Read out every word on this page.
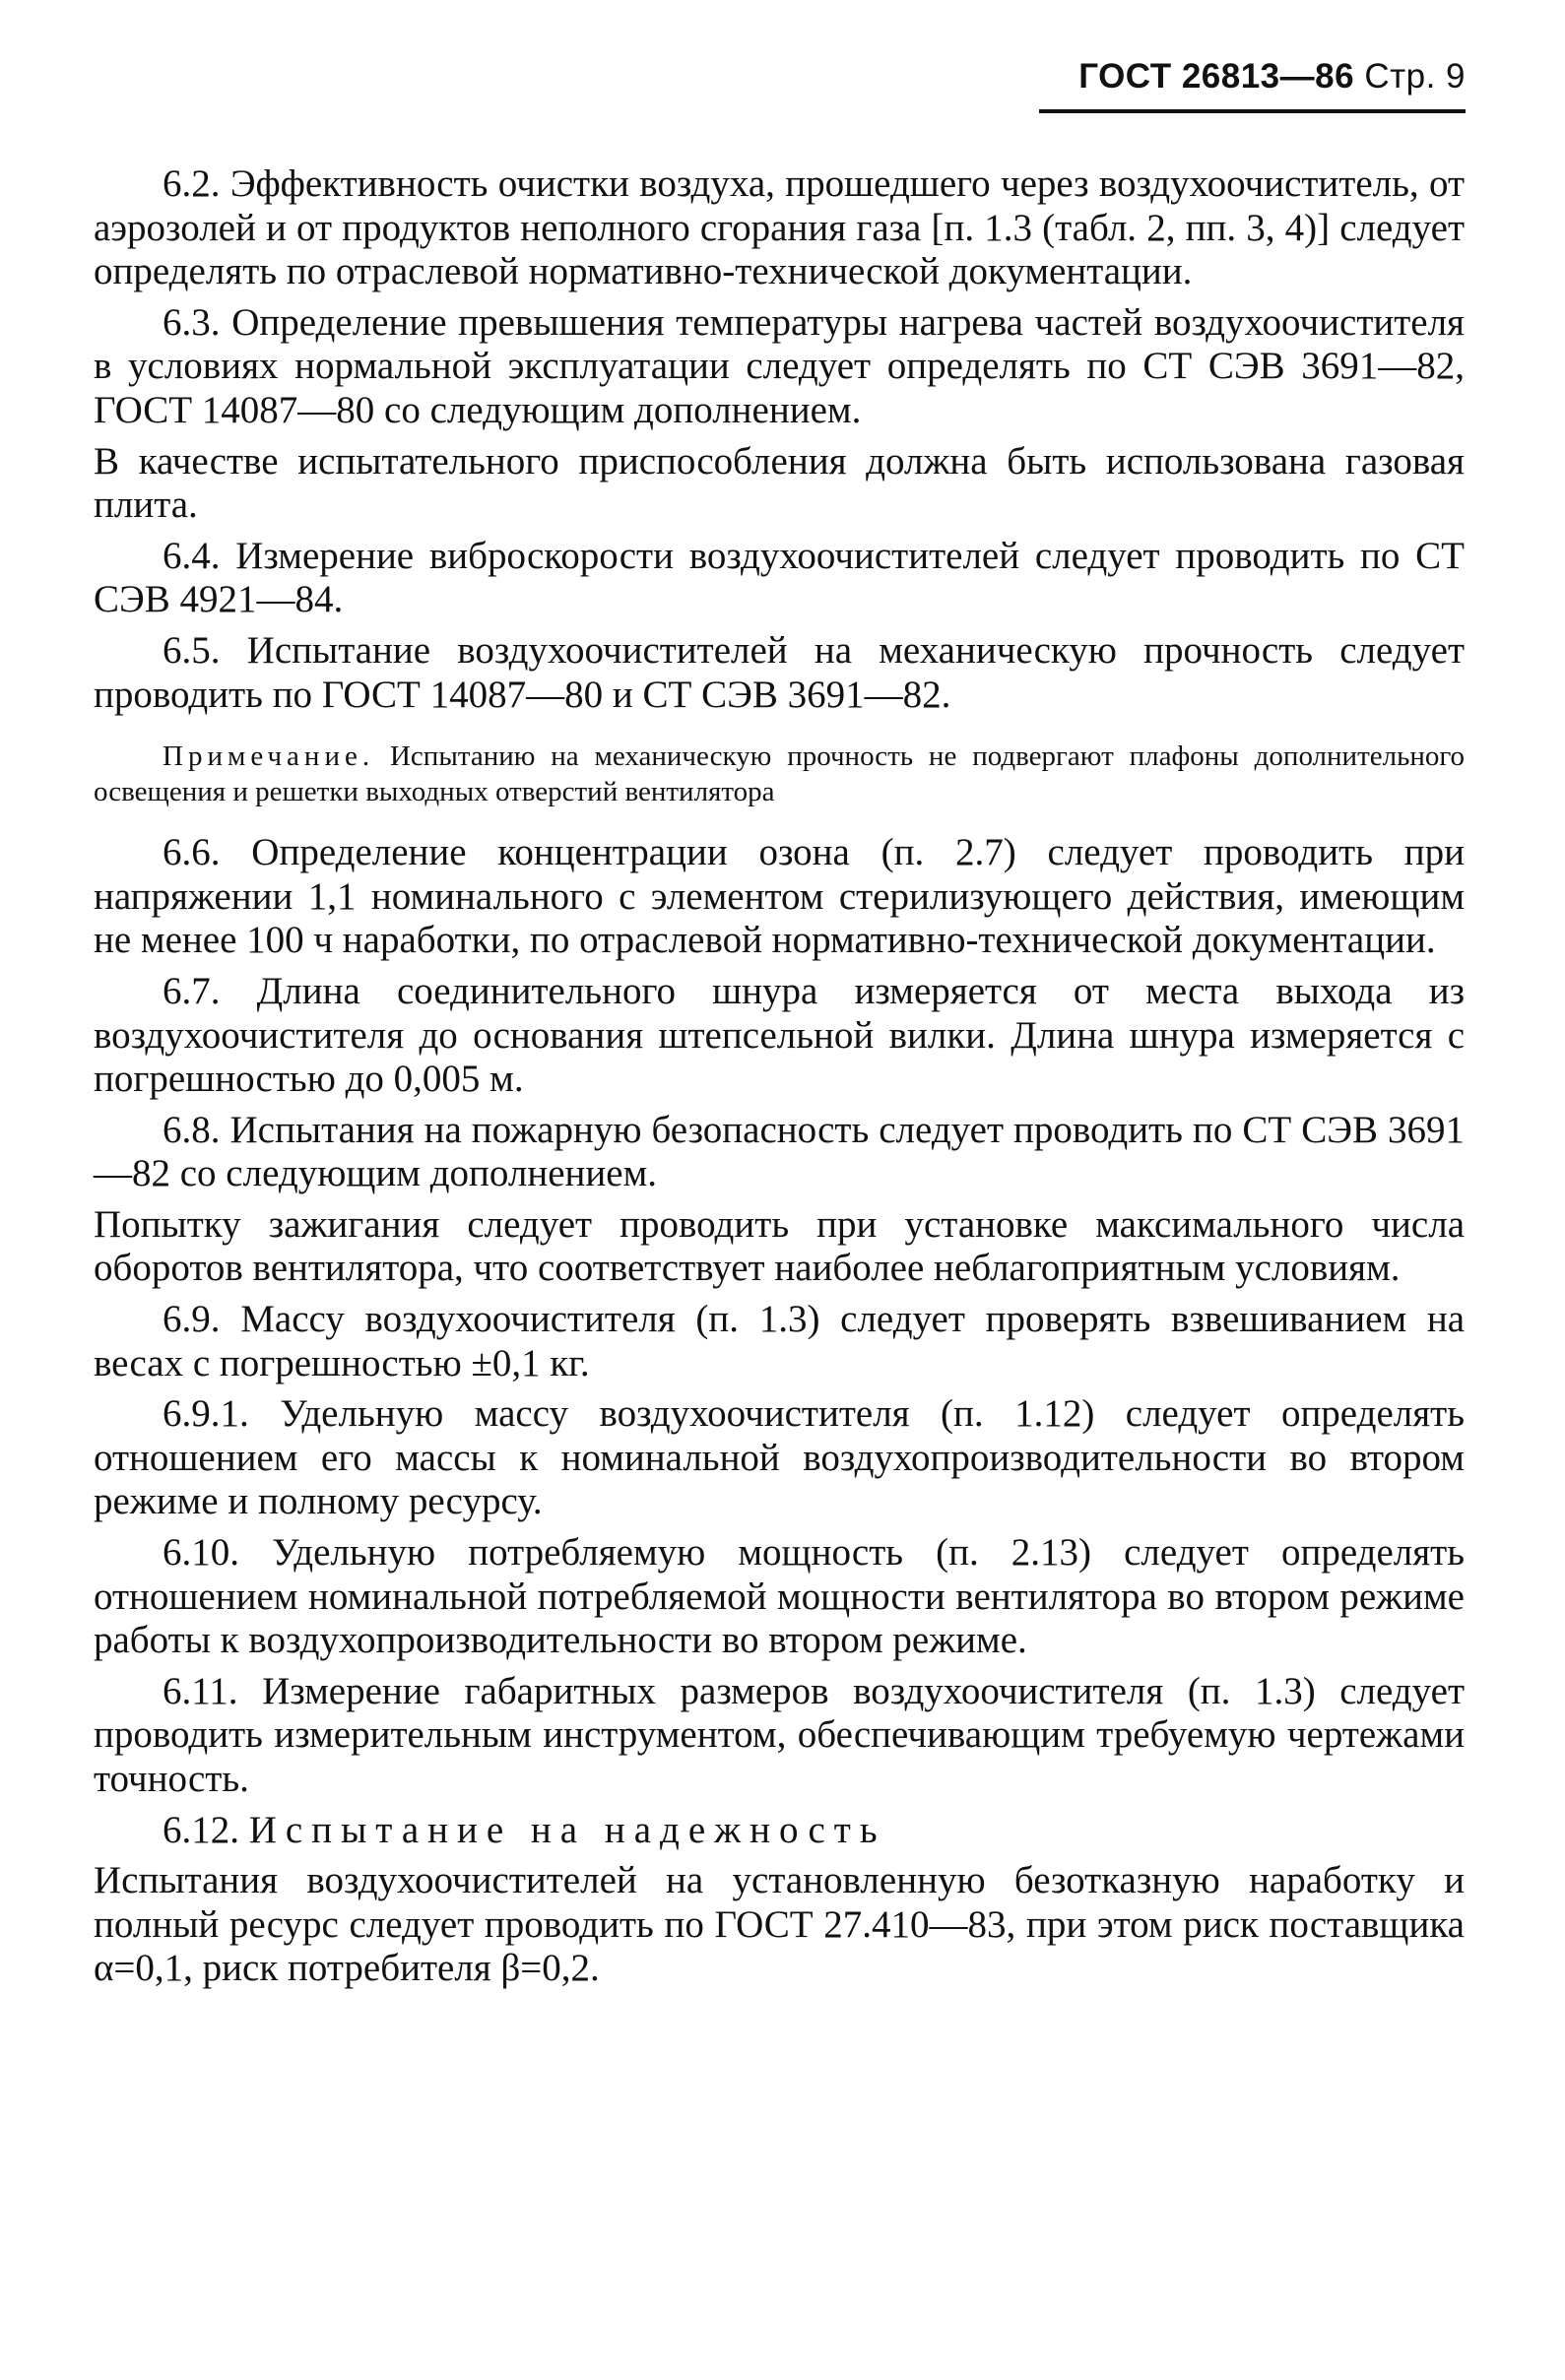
ГОСТ 26813—86 Стр. 9

6.2. Эффективность очистки воздуха, прошедшего через воздухоочиститель, от аэрозолей и от продуктов неполного сгорания газа [п. 1.3 (табл. 2, пп. 3, 4)] следует определять по отраслевой нормативно-технической документации.

6.3. Определение превышения температуры нагрева частей воздухоочистителя в условиях нормальной эксплуатации следует определять по СТ СЭВ 3691—82, ГОСТ 14087—80 со следующим дополнением.

В качестве испытательного приспособления должна быть использована газовая плита.

6.4. Измерение виброскорости воздухоочистителей следует проводить по СТ СЭВ 4921—84.

6.5. Испытание воздухоочистителей на механическую прочность следует проводить по ГОСТ 14087—80 и СТ СЭВ 3691—82.

Примечание. Испытанию на механическую прочность не подвергают плафоны дополнительного освещения и решетки выходных отверстий вентилятора

6.6. Определение концентрации озона (п. 2.7) следует проводить при напряжении 1,1 номинального с элементом стерилизующего действия, имеющим не менее 100 ч наработки, по отраслевой нормативно-технической документации.

6.7. Длина соединительного шнура измеряется от места выхода из воздухоочистителя до основания штепсельной вилки. Длина шнура измеряется с погрешностью до 0,005 м.

6.8. Испытания на пожарную безопасность следует проводить по СТ СЭВ 3691—82 со следующим дополнением.

Попытку зажигания следует проводить при установке максимального числа оборотов вентилятора, что соответствует наиболее неблагоприятным условиям.

6.9. Массу воздухоочистителя (п. 1.3) следует проверять взвешиванием на весах с погрешностью ±0,1 кг.

6.9.1. Удельную массу воздухоочистителя (п. 1.12) следует определять отношением его массы к номинальной воздухопроизводительности во втором режиме и полному ресурсу.

6.10. Удельную потребляемую мощность (п. 2.13) следует определять отношением номинальной потребляемой мощности вентилятора во втором режиме работы к воздухопроизводительности во втором режиме.

6.11. Измерение габаритных размеров воздухоочистителя (п. 1.3) следует проводить измерительным инструментом, обеспечивающим требуемую чертежами точность.

6.12. Испытание на надежность

Испытания воздухоочистителей на установленную безотказную наработку и полный ресурс следует проводить по ГОСТ 27.410—83, при этом риск поставщика α=0,1, риск потребителя β=0,2.
